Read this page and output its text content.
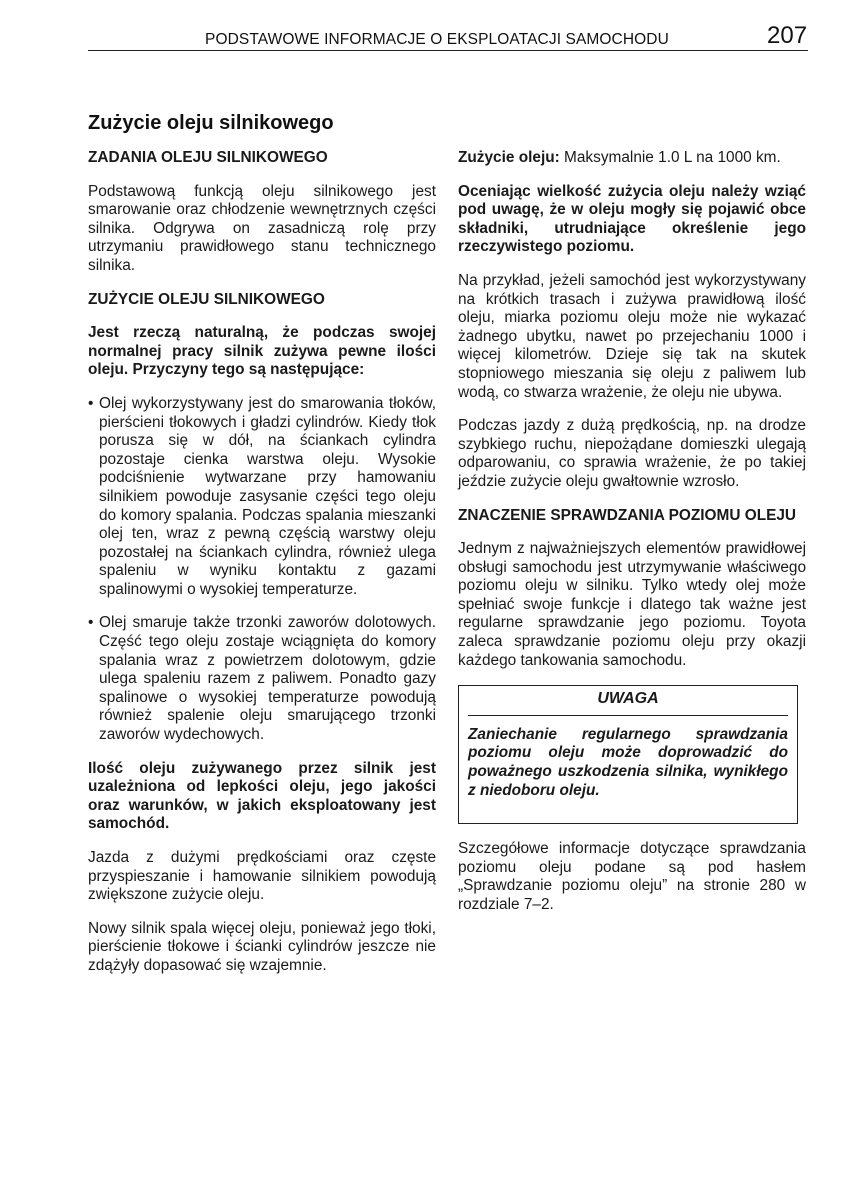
PODSTAWOWE INFORMACJE O EKSPLOATACJI SAMOCHODU	207
Zużycie oleju silnikowego
ZADANIA OLEJU SILNIKOWEGO

Podstawową funkcją oleju silnikowego jest smarowanie oraz chłodzenie wewnętrznych części silnika. Odgrywa on zasadniczą rolę przy utrzymaniu prawidłowego stanu technicznego silnika.

ZUŻYCIE OLEJU SILNIKOWEGO

Jest rzeczą naturalną, że podczas swojej normalnej pracy silnik zużywa pewne ilości oleju. Przyczyny tego są następujące:

• Olej wykorzystywany jest do smarowania tłoków, pierścieni tłokowych i gładzi cylindrów. Kiedy tłok porusza się w dół, na ściankach cylindra pozostaje cienka warstwa oleju. Wysokie podciśnienie wytwarzane przy hamowaniu silnikiem powoduje zasysanie części tego oleju do komory spalania. Podczas spalania mieszanki olej ten, wraz z pewną częścią warstwy oleju pozostałej na ściankach cylindra, również ulega spaleniu w wyniku kontaktu z gazami spalinowymi o wysokiej temperaturze.
• Olej smaruje także trzonki zaworów dolotowych. Część tego oleju zostaje wciągnięta do komory spalania wraz z powietrzem dolotowym, gdzie ulega spaleniu razem z paliwem. Ponadto gazy spalinowe o wysokiej temperaturze powodują również spalenie oleju smarującego trzonki zaworów wydechowych.

Ilość oleju zużywanego przez silnik jest uzależniona od lepkości oleju, jego jakości oraz warunków, w jakich eksploatowany jest samochód.

Jazda z dużymi prędkościami oraz częste przyspieszanie i hamowanie silnikiem powodują zwiększone zużycie oleju.

Nowy silnik spala więcej oleju, ponieważ jego tłoki, pierścienie tłokowe i ścianki cylindrów jeszcze nie zdążyły dopasować się wzajemnie.

Zużycie oleju: Maksymalnie 1.0 L na 1000 km.

Oceniając wielkość zużycia oleju należy wziąć pod uwagę, że w oleju mogły się pojawić obce składniki, utrudniające określenie jego rzeczywistego poziomu.

Na przykład, jeżeli samochód jest wykorzystywany na krótkich trasach i zużywa prawidłową ilość oleju, miarka poziomu oleju może nie wykazać żadnego ubytku, nawet po przejechaniu 1000 i więcej kilometrów. Dzieje się tak na skutek stopniowego mieszania się oleju z paliwem lub wodą, co stwarza wrażenie, że oleju nie ubywa.

Podczas jazdy z dużą prędkością, np. na drodze szybkiego ruchu, niepożądane domieszki ulegają odparowaniu, co sprawia wrażenie, że po takiej jeździe zużycie oleju gwałtownie wzrosło.

ZNACZENIE SPRAWDZANIA POZIOMU OLEJU

Jednym z najważniejszych elementów prawidłowej obsługi samochodu jest utrzymywanie właściwego poziomu oleju w silniku. Tylko wtedy olej może spełniać swoje funkcje i dlatego tak ważne jest regularne sprawdzanie jego poziomu. Toyota zaleca sprawdzanie poziomu oleju przy okazji każdego tankowania samochodu.

UWAGA

Zaniechanie regularnego sprawdzania poziomu oleju może doprowadzić do poważnego uszkodzenia silnika, wynikłego z niedoboru oleju.

Szczegółowe informacje dotyczące sprawdzania poziomu oleju podane są pod hasłem „Sprawdzanie poziomu oleju” na stronie 280 w rozdziale 7–2.
